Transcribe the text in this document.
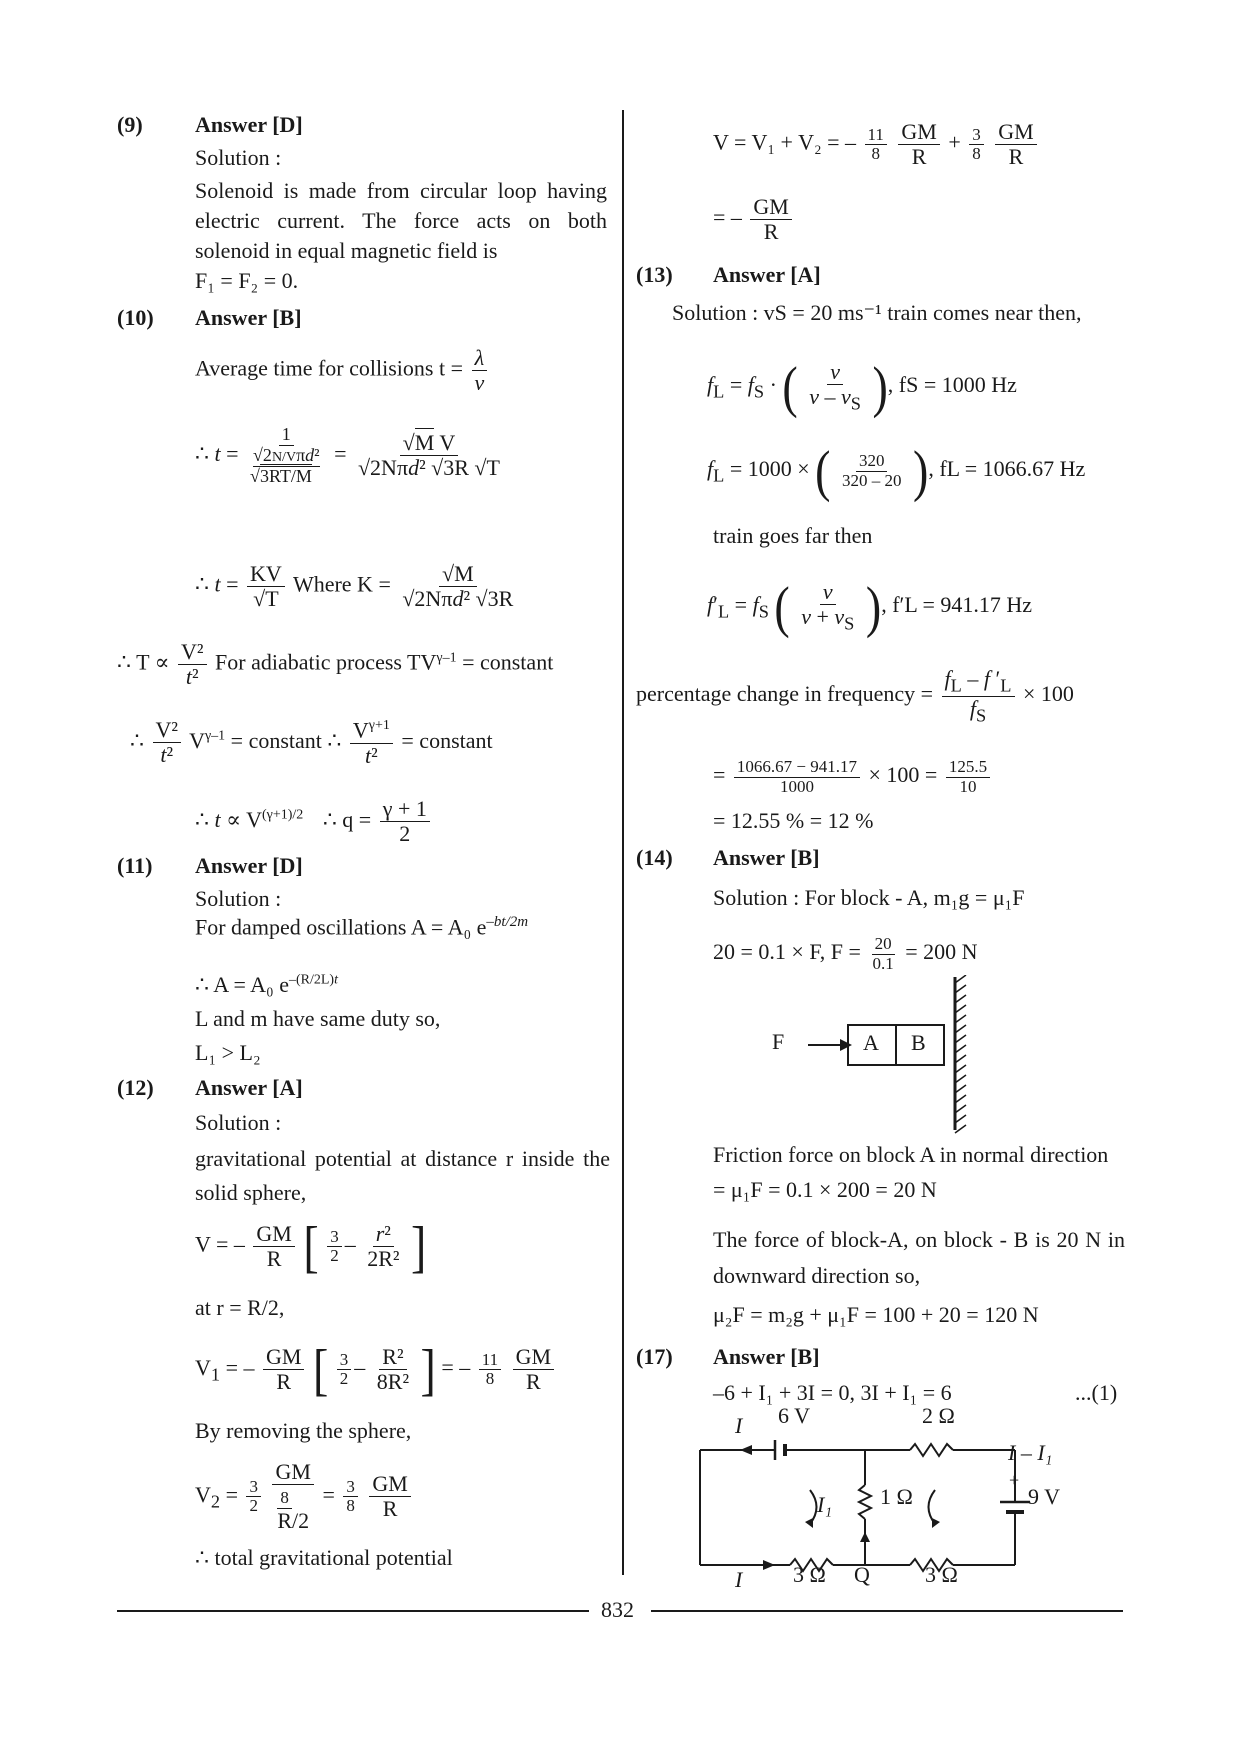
(9) Answer [D]
Solution :
Solenoid is made from circular loop having electric current. The force acts on both solenoid in equal magnetic field is
F₁ = F₂ = 0.
(10) Answer [B]
Average time for collisions $t = \frac{\lambda}{v}$
∴ t =
1
√2N/Vπd²

√3RT/M
= $\frac{\text{√M V}}{\text{√2Nπd² √3R √T}}$
∴ $t = \frac{KV}{√T}$ Where $K = \frac{√M}{\text{√2Nπd² √3R}}$
∴ $T \propto \frac{\text{V²}}{\text{t²}}$ For adiabatic process $TV^{\gamma-1}$ = constant
∴ $\frac{\text{V²}}{\text{t²}} V^{\gamma-1}$ = constant ∴ $\frac{V^{\gamma+1}}{\text{t²}}$ = constant
∴ $t \propto V^{(\gamma+1)/2}$ ∴ $q = \frac{\gamma + 1}{2}$
(11) Answer [D]
Solution :
For damped oscillations A = A₀ $e^{-bt/2m}$
∴ A = A₀ $e^{-(R/2L)t}$
L and m have same duty so,
L₁ > L₂
(12) Answer [A]
Solution :
gravitational potential at distance r inside the solid sphere,
V = – $\frac{GM}{R}$ [ $\frac{3}{2} - \frac{\text{r²}}{\text{2R²}}$ ]
at r = R/2,
$V_1$ = – $\frac{GM}{R}$ [ $\frac{3}{2} - \frac{\text{R²}}{\text{8R²}}$ ] = – $\frac{11}{8}$
$\frac{GM}{R}$
By removing the sphere,
$V_2 = \frac{3}{2}$

GM
8

R/2
= $\frac{3}{8}$
$\frac{GM}{R}$
∴ total gravitational potential
V = V₁ + V₂ = – $\frac{11}{8}$
$\frac{GM}{R} + \frac{3}{8}$
$\frac{GM}{R}$
= – $\frac{GM}{R}$
(13) Answer [A]
Solution : vS = 20 ms⁻¹ train comes near then,
$f_L = f_S$ · ( $\frac{v}{v - v_S}$ ), fS = 1000 Hz
$f_L = 1000$ × ( $\frac{320}{320 - 20}$ ), fL = 1066.67 Hz
train goes far then
$f'_L = f_S$ ( $\frac{v}{v + v_S}$ ), f′L = 941.17 Hz
percentage change in frequency = $\frac{f_L - f '_L}{f_S} \times 100$
= $\frac{1066.67 - 941.17}{1000} \times 100 = \frac{125.5}{10}$
= 12.55 % = 12 %
(14) Answer [B]
Solution : For block - A, m₁g = μ₁F
20 = 0.1 × F, $F = \frac{20}{0.1} = 200$ N
F	A B
Friction force on block A in normal direction
= μ₁F = 0.1 × 200 = 20 N
The force of block-A, on block - B is 20 N in downward direction so,
μ₂F = m₂g + μ₁F = 100 + 20 = 120 N
(17) Answer [B]
–6 + I₁ + 3I = 0, 3I + I₁ = 6	...(1)
I 6 V	2 Ω
I – I₁
I₁ 1 Ω
+
9 V
–
I 3 Ω Q	3 Ω
832
